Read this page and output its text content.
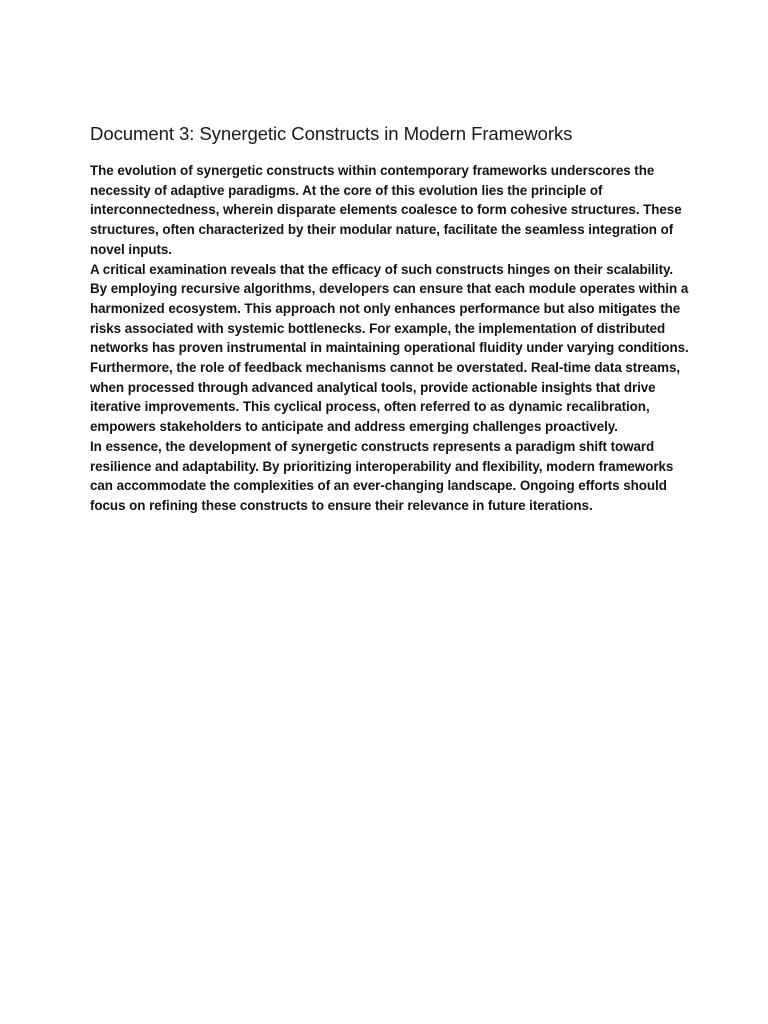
Document 3: Synergetic Constructs in Modern Frameworks

The evolution of synergetic constructs within contemporary frameworks underscores the necessity of adaptive paradigms. At the core of this evolution lies the principle of interconnectedness, wherein disparate elements coalesce to form cohesive structures. These structures, often characterized by their modular nature, facilitate the seamless integration of novel inputs.

A critical examination reveals that the efficacy of such constructs hinges on their scalability. By employing recursive algorithms, developers can ensure that each module operates within a harmonized ecosystem. This approach not only enhances performance but also mitigates the risks associated with systemic bottlenecks. For example, the implementation of distributed networks has proven instrumental in maintaining operational fluidity under varying conditions.

Furthermore, the role of feedback mechanisms cannot be overstated. Real-time data streams, when processed through advanced analytical tools, provide actionable insights that drive iterative improvements. This cyclical process, often referred to as dynamic recalibration, empowers stakeholders to anticipate and address emerging challenges proactively.

In essence, the development of synergetic constructs represents a paradigm shift toward resilience and adaptability. By prioritizing interoperability and flexibility, modern frameworks can accommodate the complexities of an ever-changing landscape. Ongoing efforts should focus on refining these constructs to ensure their relevance in future iterations.
